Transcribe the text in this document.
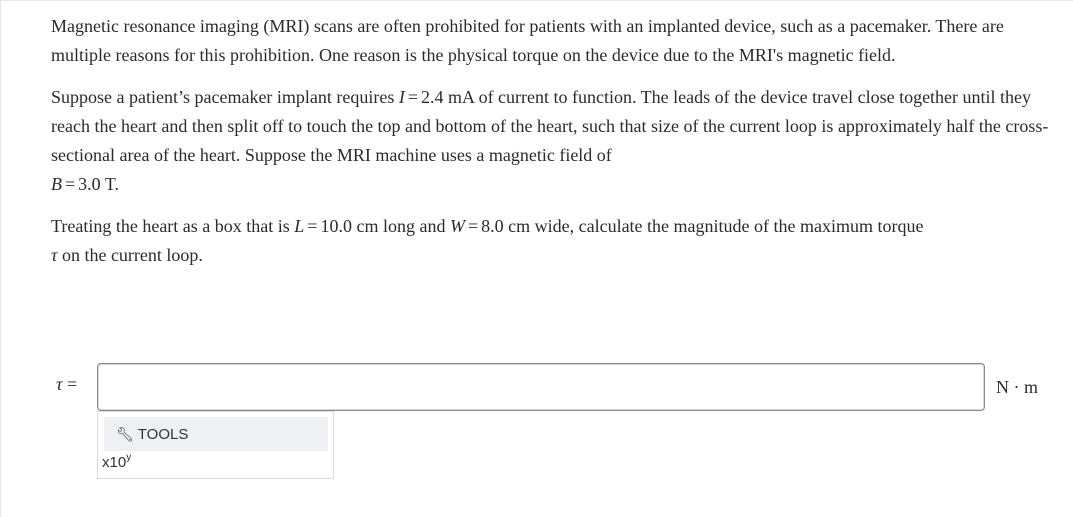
Magnetic resonance imaging (MRI) scans are often prohibited for patients with an implanted device, such as a pacemaker. There are multiple reasons for this prohibition. One reason is the physical torque on the device due to the MRI's magnetic field.

Suppose a patient’s pacemaker implant requires I = 2.4 mA of current to function. The leads of the device travel close together until they reach the heart and then split off to touch the top and bottom of the heart, such that size of the current loop is approximately half the cross-sectional area of the heart. Suppose the MRI machine uses a magnetic field of
B = 3.0 T.

Treating the heart as a box that is L = 10.0 cm long and W = 8.0 cm wide, calculate the magnitude of the maximum torque
τ on the current loop.

τ =	N · m
🔧︎ TOOLS
x10$^y$
